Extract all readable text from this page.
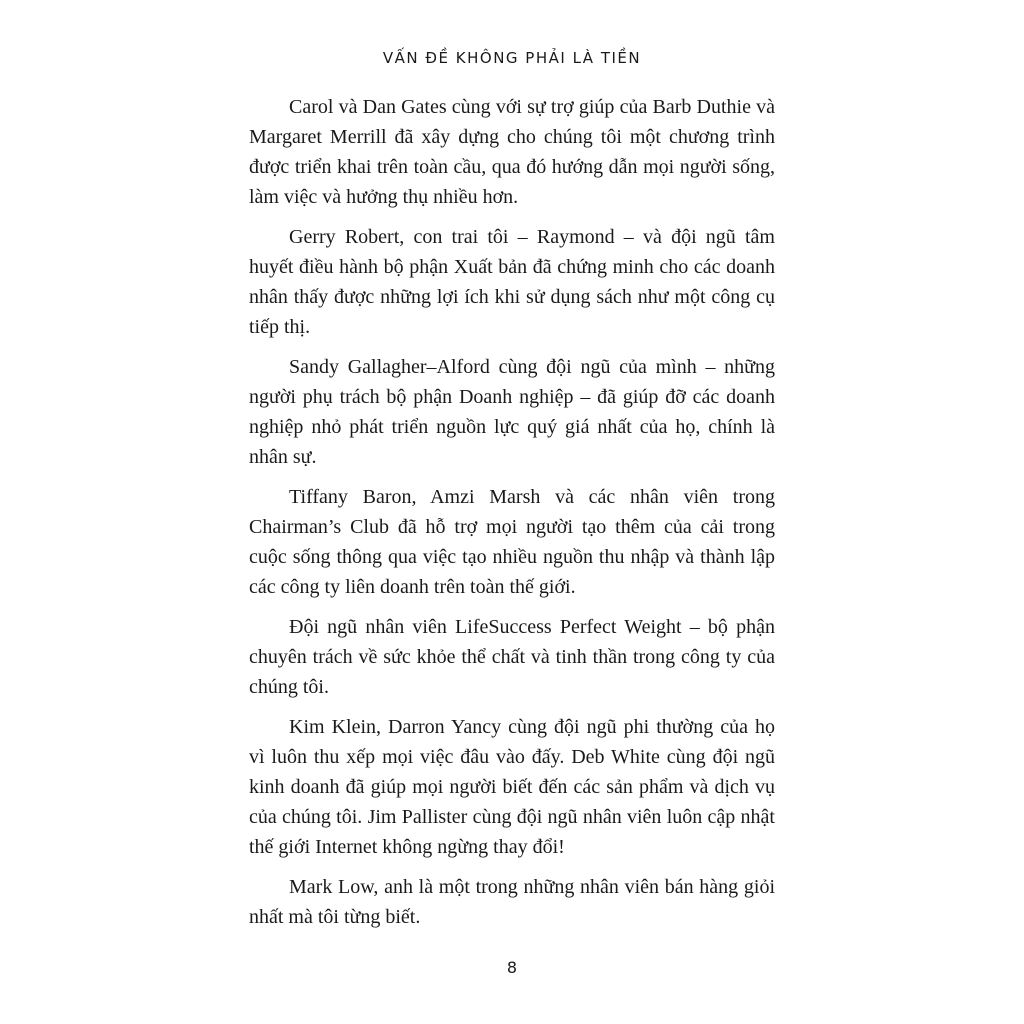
VẤN ĐỀ KHÔNG PHẢI LÀ TIỀN

Carol và Dan Gates cùng với sự trợ giúp của Barb Duthie và Margaret Merrill đã xây dựng cho chúng tôi một chương trình được triển khai trên toàn cầu, qua đó hướng dẫn mọi người sống, làm việc và hưởng thụ nhiều hơn.

Gerry Robert, con trai tôi – Raymond – và đội ngũ tâm huyết điều hành bộ phận Xuất bản đã chứng minh cho các doanh nhân thấy được những lợi ích khi sử dụng sách như một công cụ tiếp thị.

Sandy Gallagher–Alford cùng đội ngũ của mình – những người phụ trách bộ phận Doanh nghiệp – đã giúp đỡ các doanh nghiệp nhỏ phát triển nguồn lực quý giá nhất của họ, chính là nhân sự.

Tiffany Baron, Amzi Marsh và các nhân viên trong Chairman’s Club đã hỗ trợ mọi người tạo thêm của cải trong cuộc sống thông qua việc tạo nhiều nguồn thu nhập và thành lập các công ty liên doanh trên toàn thế giới.

Đội ngũ nhân viên LifeSuccess Perfect Weight – bộ phận chuyên trách về sức khỏe thể chất và tinh thần trong công ty của chúng tôi.

Kim Klein, Darron Yancy cùng đội ngũ phi thường của họ vì luôn thu xếp mọi việc đâu vào đấy. Deb White cùng đội ngũ kinh doanh đã giúp mọi người biết đến các sản phẩm và dịch vụ của chúng tôi. Jim Pallister cùng đội ngũ nhân viên luôn cập nhật thế giới Internet không ngừng thay đổi!

Mark Low, anh là một trong những nhân viên bán hàng giỏi nhất mà tôi từng biết.

8
